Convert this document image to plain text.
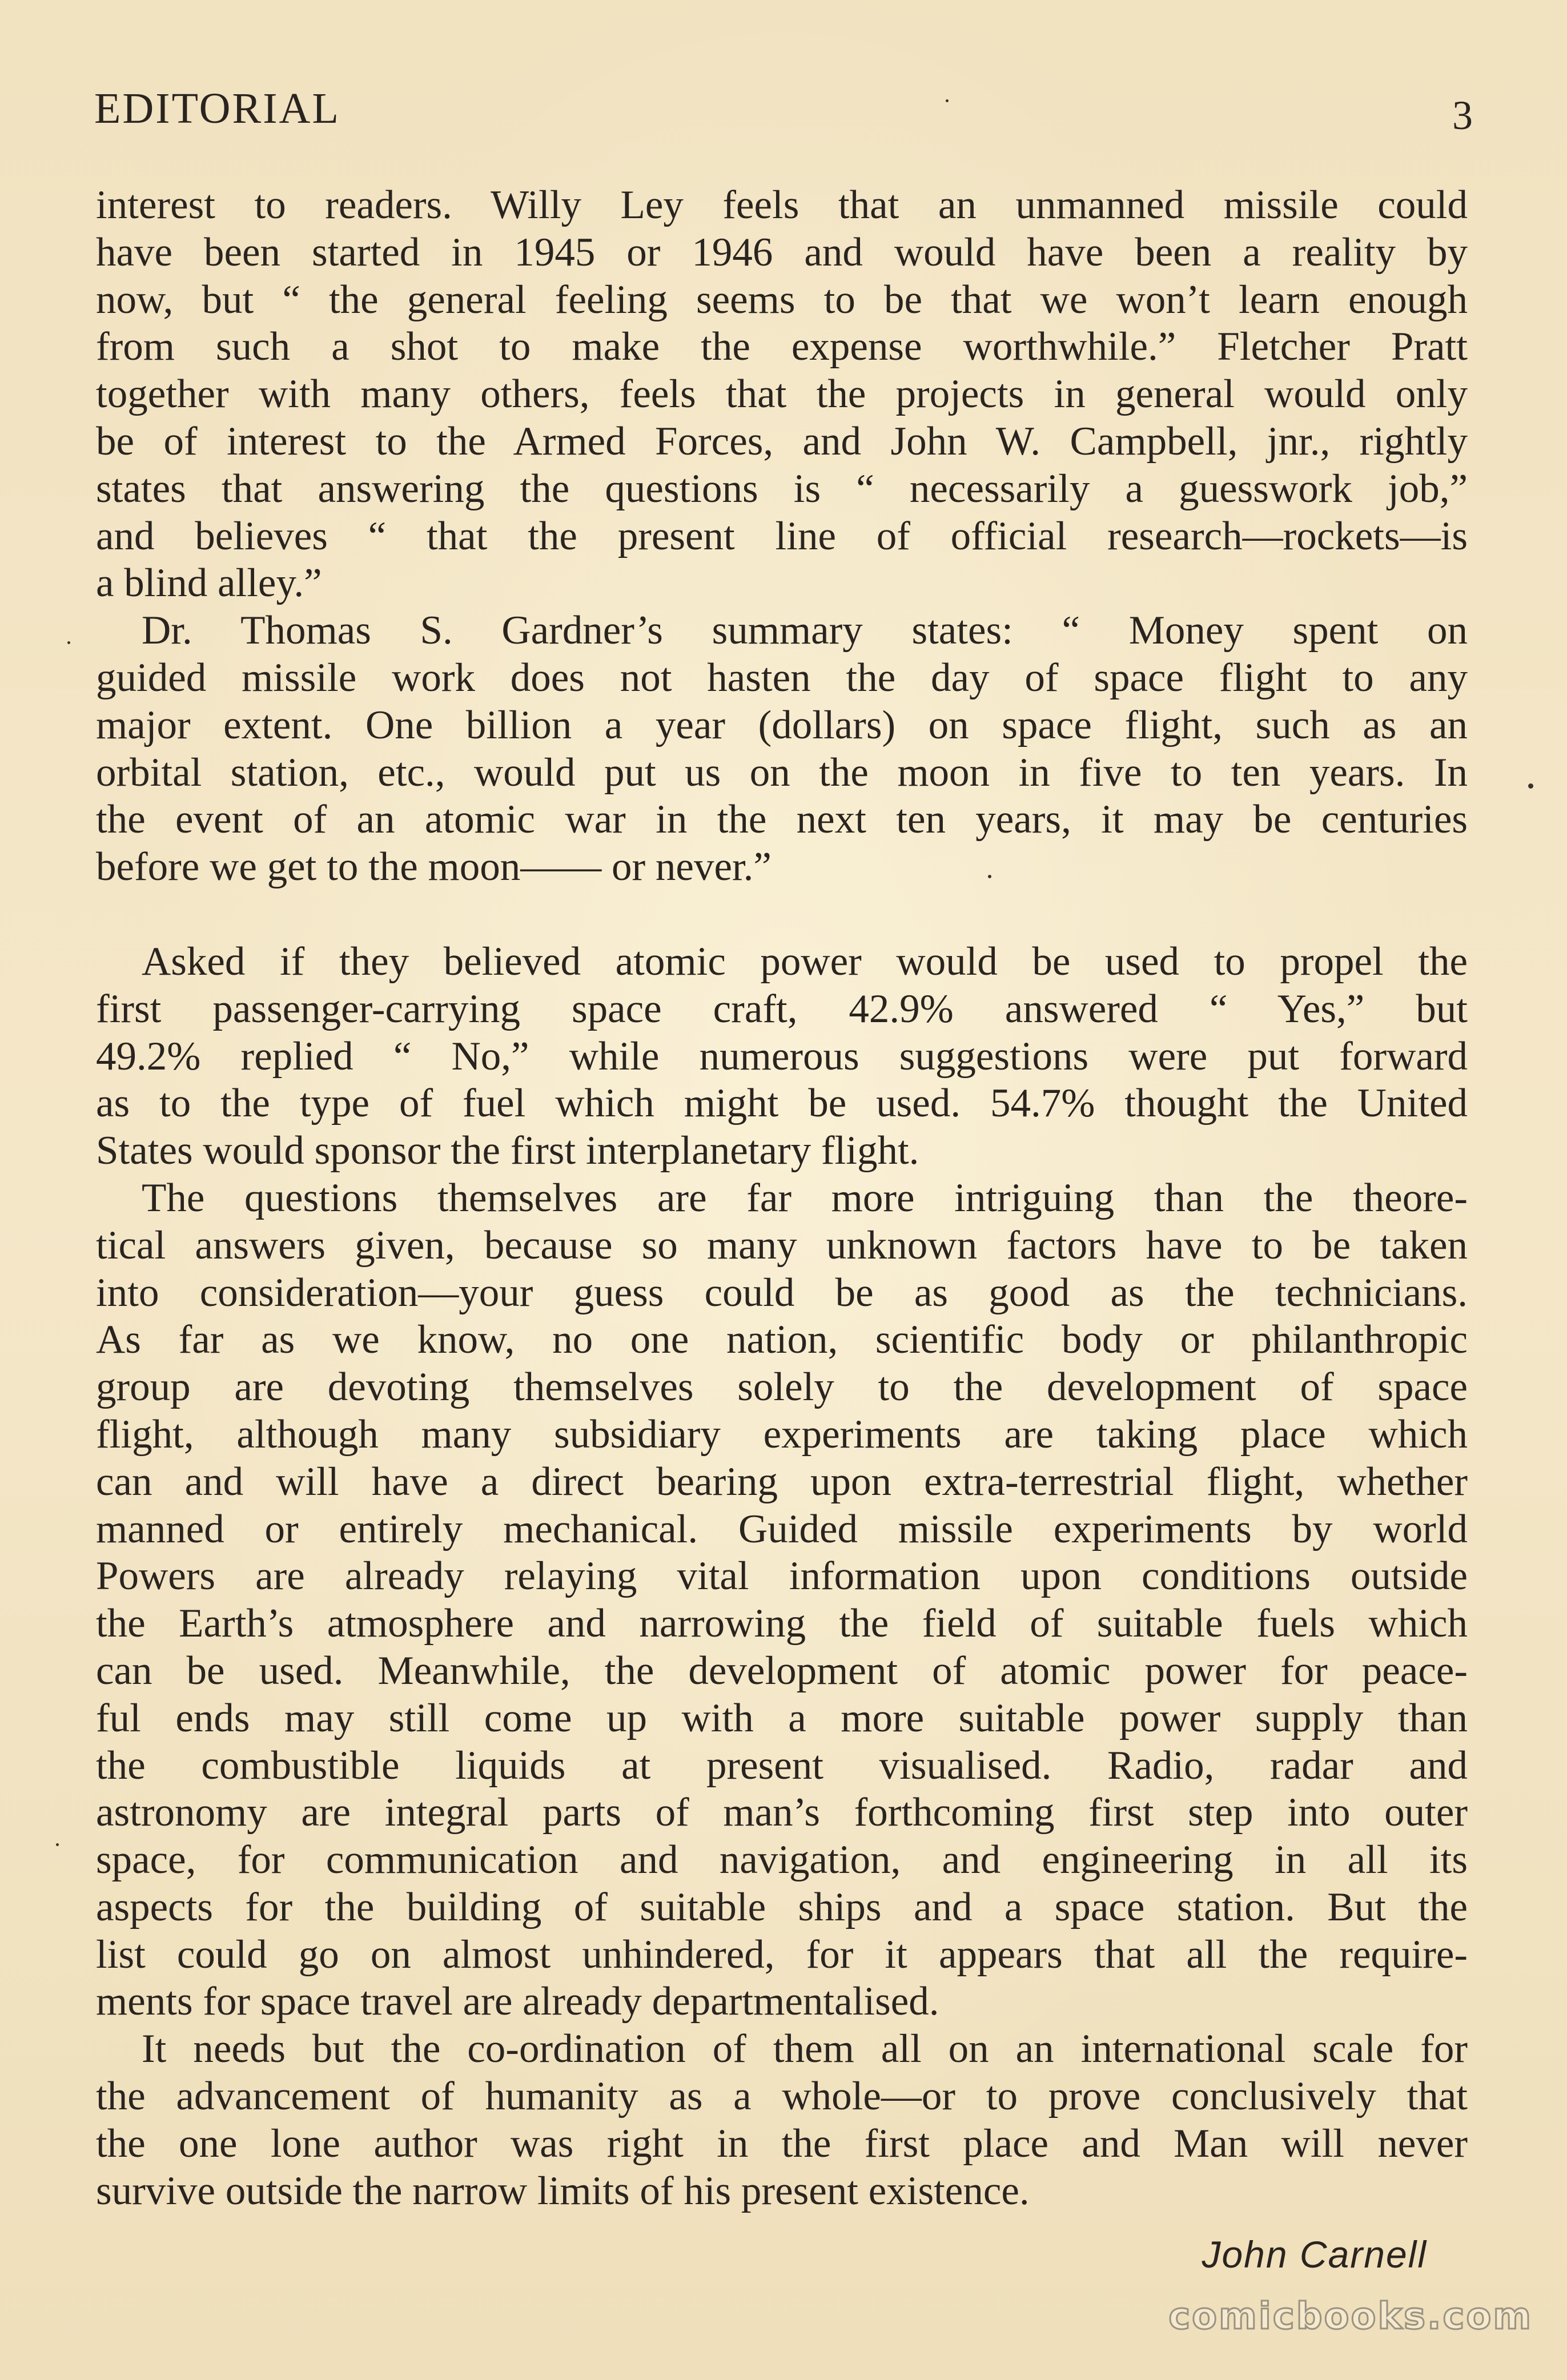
EDITORIAL	3
interest to readers. Willy Ley feels that an unmanned missile could
have been started in 1945 or 1946 and would have been a reality by
now, but “ the general feeling seems to be that we won’t learn enough
from such a shot to make the expense worthwhile.” Fletcher Pratt
together with many others, feels that the projects in general would only
be of interest to the Armed Forces, and John W. Campbell, jnr., rightly
states that answering the questions is “ necessarily a guesswork job,”
and believes “ that the present line of official research—rockets—is
a blind alley.”
Dr. Thomas S. Gardner’s summary states: “ Money spent on
guided missile work does not hasten the day of space flight to any
major extent. One billion a year (dollars) on space flight, such as an
orbital station, etc., would put us on the moon in five to ten years. In
the event of an atomic war in the next ten years, it may be centuries
before we get to the moon—— or never.”
Asked if they believed atomic power would be used to propel the
first passenger-carrying space craft, 42.9% answered “ Yes,” but
49.2% replied “ No,” while numerous suggestions were put forward
as to the type of fuel which might be used. 54.7% thought the United
States would sponsor the first interplanetary flight.
The questions themselves are far more intriguing than the theore-
tical answers given, because so many unknown factors have to be taken
into consideration—your guess could be as good as the technicians.
As far as we know, no one nation, scientific body or philanthropic
group are devoting themselves solely to the development of space
flight, although many subsidiary experiments are taking place which
can and will have a direct bearing upon extra-terrestrial flight, whether
manned or entirely mechanical. Guided missile experiments by world
Powers are already relaying vital information upon conditions outside
the Earth’s atmosphere and narrowing the field of suitable fuels which
can be used. Meanwhile, the development of atomic power for peace-
ful ends may still come up with a more suitable power supply than
the combustible liquids at present visualised. Radio, radar and
astronomy are integral parts of man’s forthcoming first step into outer
space, for communication and navigation, and engineering in all its
aspects for the building of suitable ships and a space station. But the
list could go on almost unhindered, for it appears that all the require-
ments for space travel are already departmentalised.
It needs but the co-ordination of them all on an international scale for
the advancement of humanity as a whole—or to prove conclusively that
the one lone author was right in the first place and Man will never
survive outside the narrow limits of his present existence.
John Carnell
comicbooks.com
